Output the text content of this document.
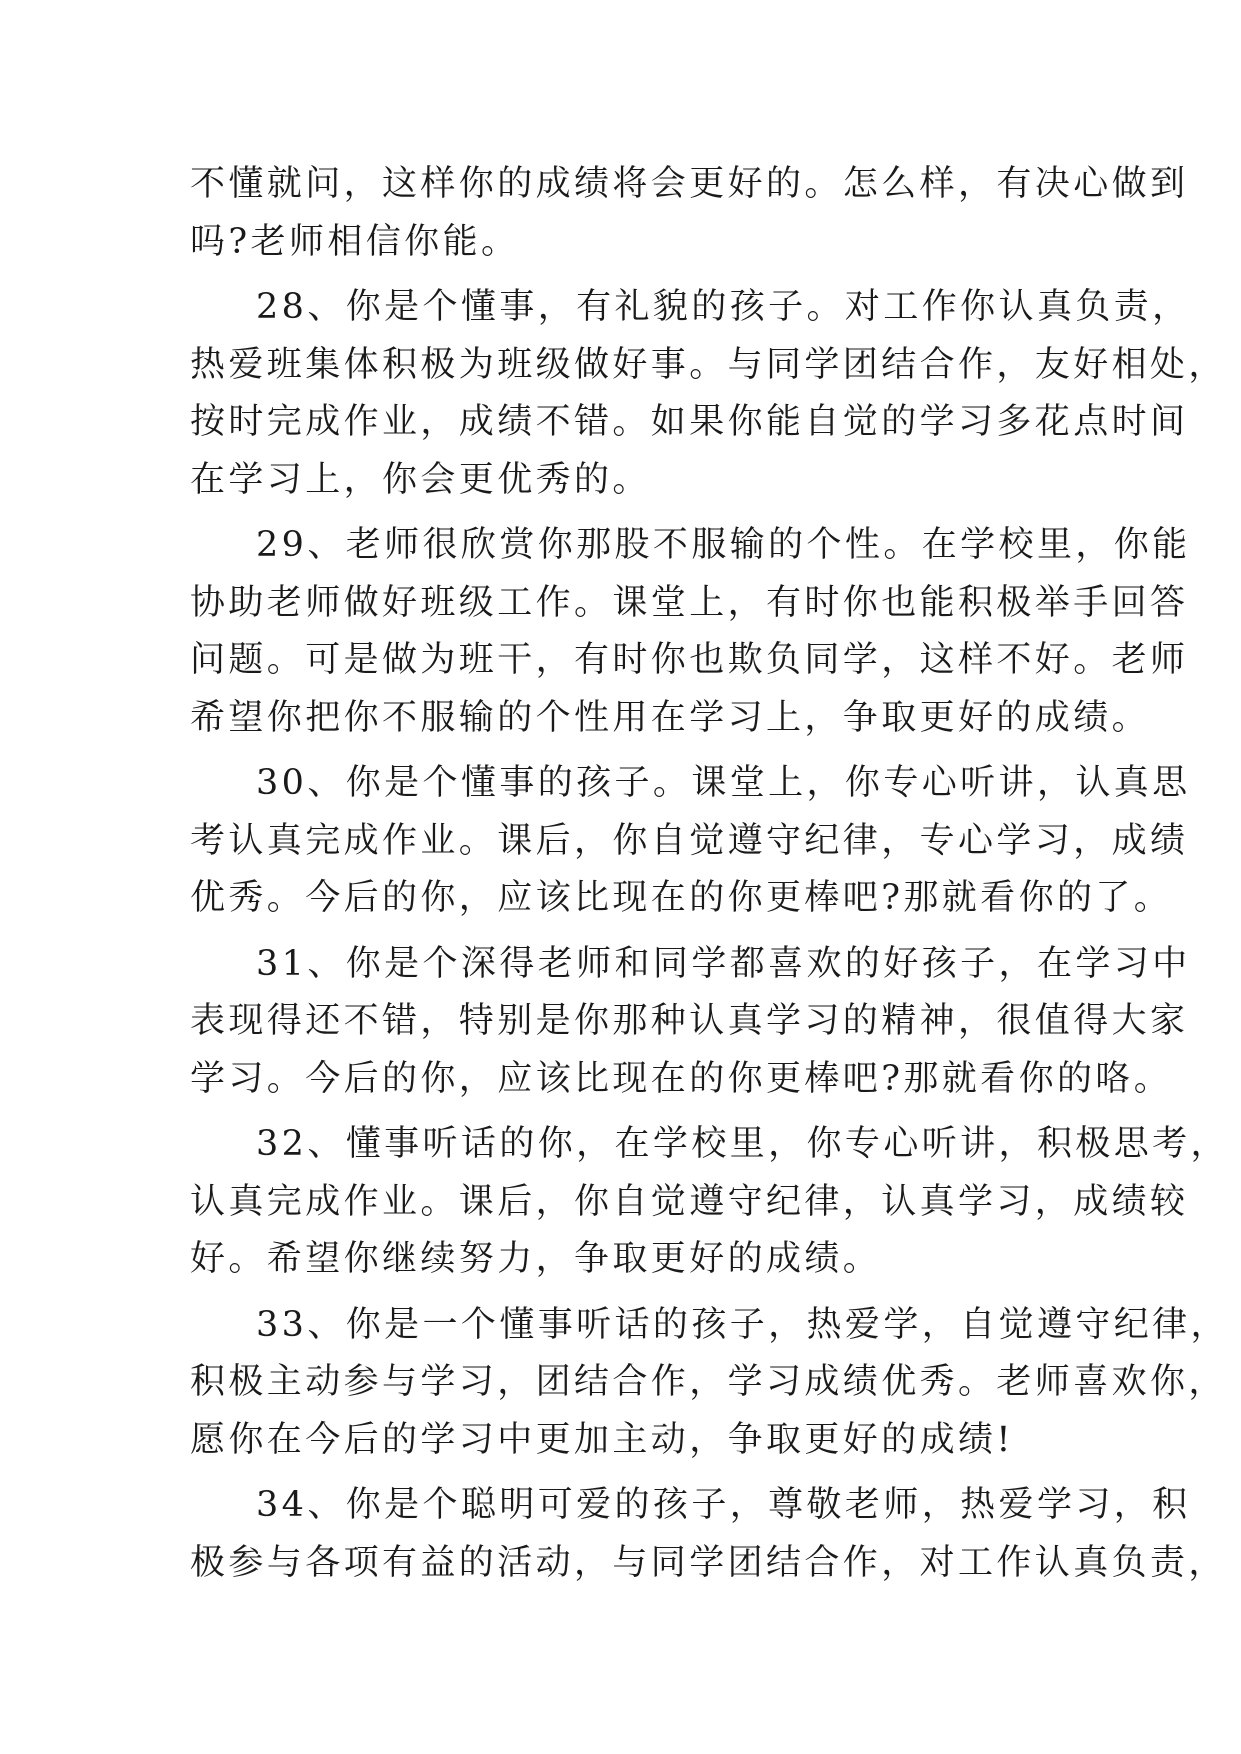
不懂就问，这样你的成绩将会更好的。怎么样，有决心做到
吗?老师相信你能。
28、你是个懂事，有礼貌的孩子。对工作你认真负责，
热爱班集体积极为班级做好事。与同学团结合作，友好相处，
按时完成作业，成绩不错。如果你能自觉的学习多花点时间
在学习上，你会更优秀的。
29、老师很欣赏你那股不服输的个性。在学校里，你能
协助老师做好班级工作。课堂上，有时你也能积极举手回答
问题。可是做为班干，有时你也欺负同学，这样不好。老师
希望你把你不服输的个性用在学习上，争取更好的成绩。
30、你是个懂事的孩子。课堂上，你专心听讲，认真思
考认真完成作业。课后，你自觉遵守纪律，专心学习，成绩
优秀。今后的你，应该比现在的你更棒吧?那就看你的了。
31、你是个深得老师和同学都喜欢的好孩子，在学习中
表现得还不错，特别是你那种认真学习的精神，很值得大家
学习。今后的你，应该比现在的你更棒吧?那就看你的咯。
32、懂事听话的你，在学校里，你专心听讲，积极思考，
认真完成作业。课后，你自觉遵守纪律，认真学习，成绩较
好。希望你继续努力，争取更好的成绩。
33、你是一个懂事听话的孩子，热爱学，自觉遵守纪律，
积极主动参与学习，团结合作，学习成绩优秀。老师喜欢你，
愿你在今后的学习中更加主动，争取更好的成绩!
34、你是个聪明可爱的孩子，尊敬老师，热爱学习，积
极参与各项有益的活动，与同学团结合作，对工作认真负责，
